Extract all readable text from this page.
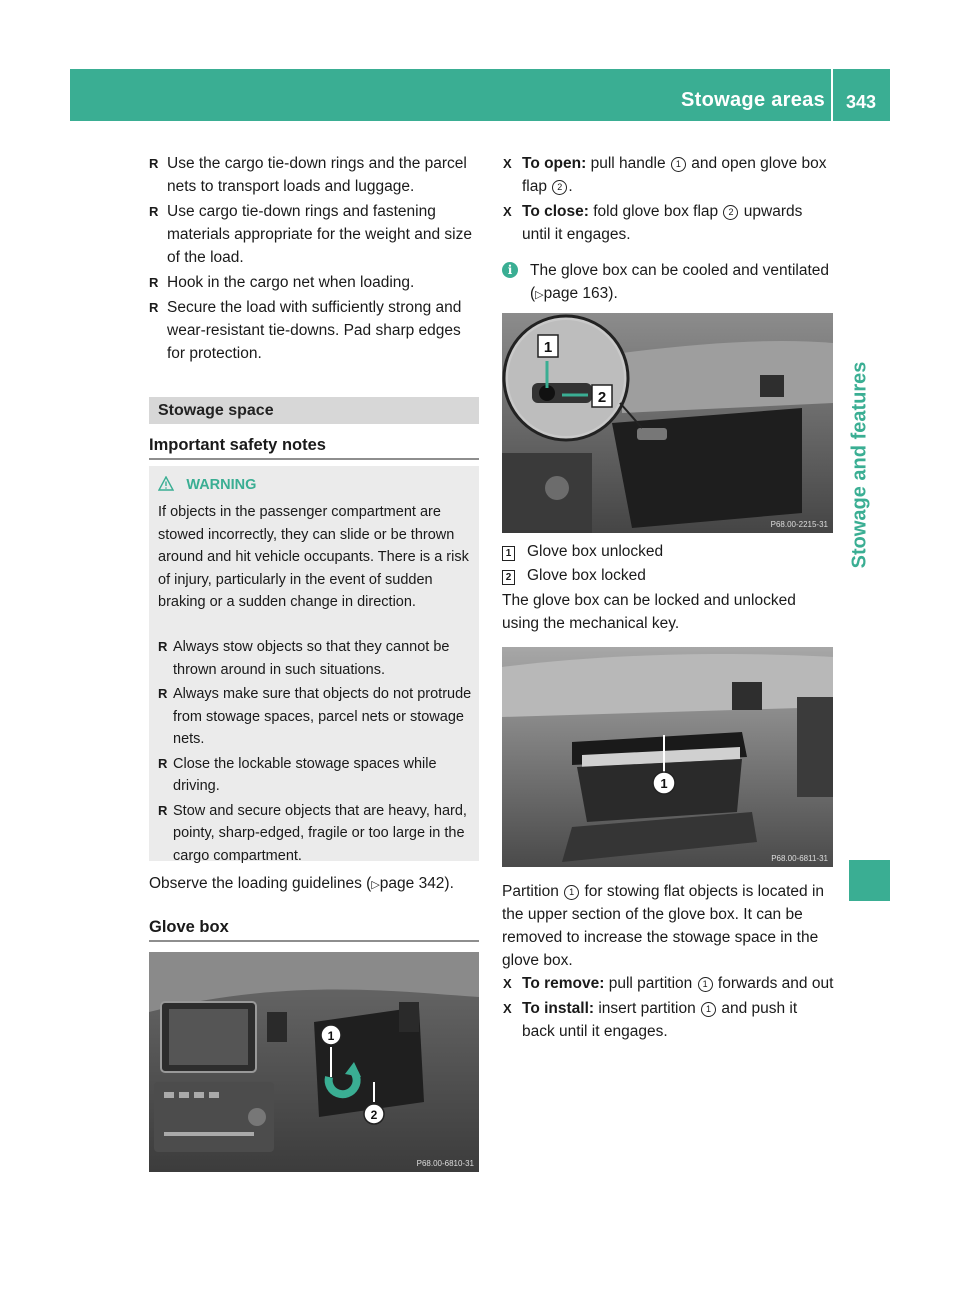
Stowage areas 343
Stowage and features
R Use the cargo tie-down rings and the parcel nets to transport loads and luggage.
R Use cargo tie-down rings and fastening materials appropriate for the weight and size of the load.
R Hook in the cargo net when loading.
R Secure the load with sufficiently strong and wear-resistant tie-downs. Pad sharp edges for protection.
Stowage space
Important safety notes
WARNING
If objects in the passenger compartment are stowed incorrectly, they can slide or be thrown around and hit vehicle occupants. There is a risk of injury, particularly in the event of sudden braking or a sudden change in direction.
R Always stow objects so that they cannot be thrown around in such situations.
R Always make sure that objects do not protrude from stowage spaces, parcel nets or stowage nets.
R Close the lockable stowage spaces while driving.
R Stow and secure objects that are heavy, hard, pointy, sharp-edged, fragile or too large in the cargo compartment.
Observe the loading guidelines (▷page 342).
Glove box
1
2
P68.00-6810-31
X To open: pull handle 1 and open glove box flap 2 .
X To close: fold glove box flap 2 upwards until it engages.
i	The glove box can be cooled and ventilated (▷page 163).
1
2
P68.00-2215-31
1 Glove box unlocked
2 Glove box locked
The glove box can be locked and unlocked using the mechanical key.
1
P68.00-6811-31
Partition 1 for stowing flat objects is located in the upper section of the glove box. It can be removed to increase the stowage space in the glove box.
X To remove: pull partition 1 forwards and out
X To install: insert partition 1 and push it back until it engages.
